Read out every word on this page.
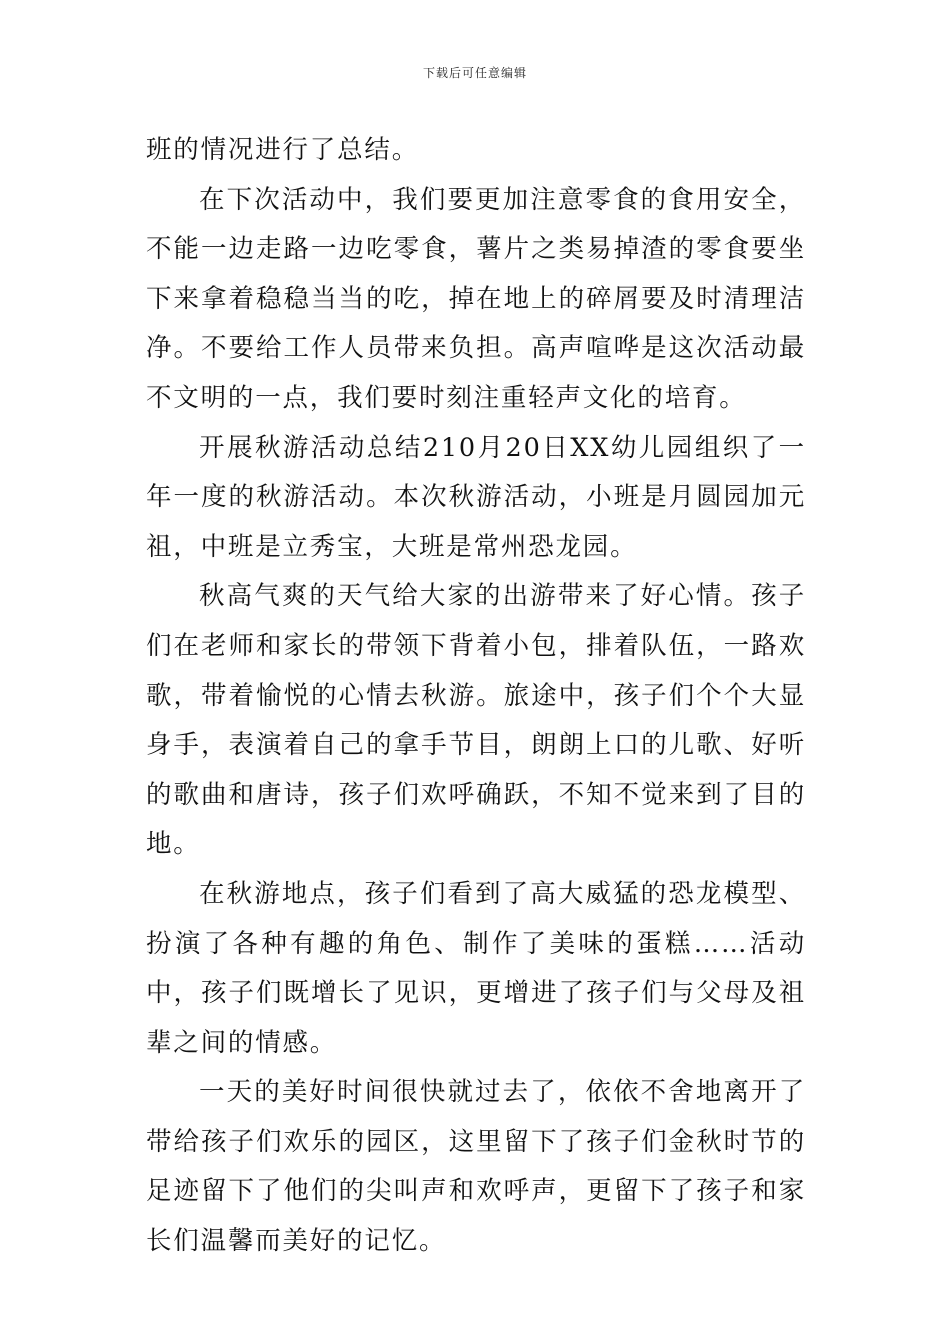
下载后可任意编辑

班的情况进行了总结。

在下次活动中，我们要更加注意零食的食用安全，不能一边走路一边吃零食，薯片之类易掉渣的零食要坐下来拿着稳稳当当的吃，掉在地上的碎屑要及时清理洁净。不要给工作人员带来负担。高声喧哗是这次活动最不文明的一点，我们要时刻注重轻声文化的培育。

开展秋游活动总结210月20日XX幼儿园组织了一年一度的秋游活动。本次秋游活动，小班是月圆园加元祖，中班是立秀宝，大班是常州恐龙园。

秋高气爽的天气给大家的出游带来了好心情。孩子们在老师和家长的带领下背着小包，排着队伍，一路欢歌，带着愉悦的心情去秋游。旅途中，孩子们个个大显身手，表演着自己的拿手节目，朗朗上口的儿歌、好听的歌曲和唐诗，孩子们欢呼确跃，不知不觉来到了目的地。

在秋游地点，孩子们看到了高大威猛的恐龙模型、扮演了各种有趣的角色、制作了美味的蛋糕……活动中，孩子们既增长了见识，更增进了孩子们与父母及祖辈之间的情感。

一天的美好时间很快就过去了，依依不舍地离开了带给孩子们欢乐的园区，这里留下了孩子们金秋时节的足迹留下了他们的尖叫声和欢呼声，更留下了孩子和家长们温馨而美好的记忆。
